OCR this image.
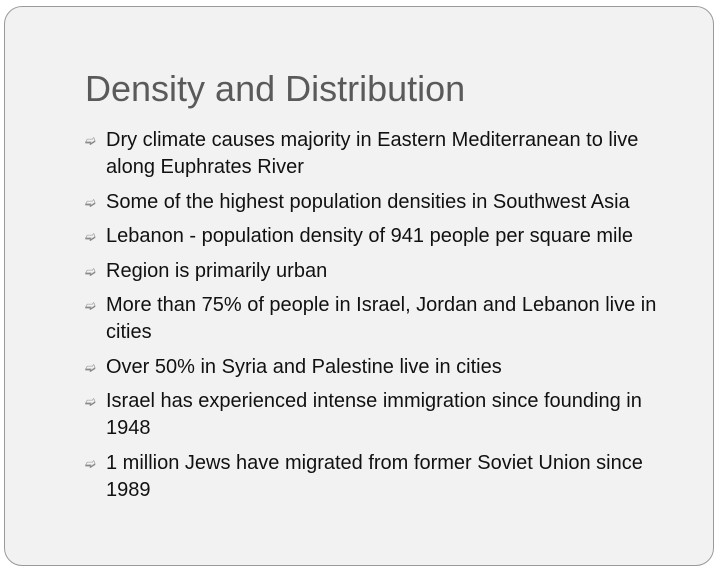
Density and Distribution
➫ Dry climate causes majority in Eastern Mediterranean to live along Euphrates River
➫ Some of the highest population densities in Southwest Asia
➫ Lebanon - population density of 941 people per square mile
➫ Region is primarily urban
➫ More than 75% of people in Israel, Jordan and Lebanon live in cities
➫ Over 50% in Syria and Palestine live in cities
➫ Israel has experienced intense immigration since founding in 1948
➫ 1 million Jews have migrated from former Soviet Union since 1989
